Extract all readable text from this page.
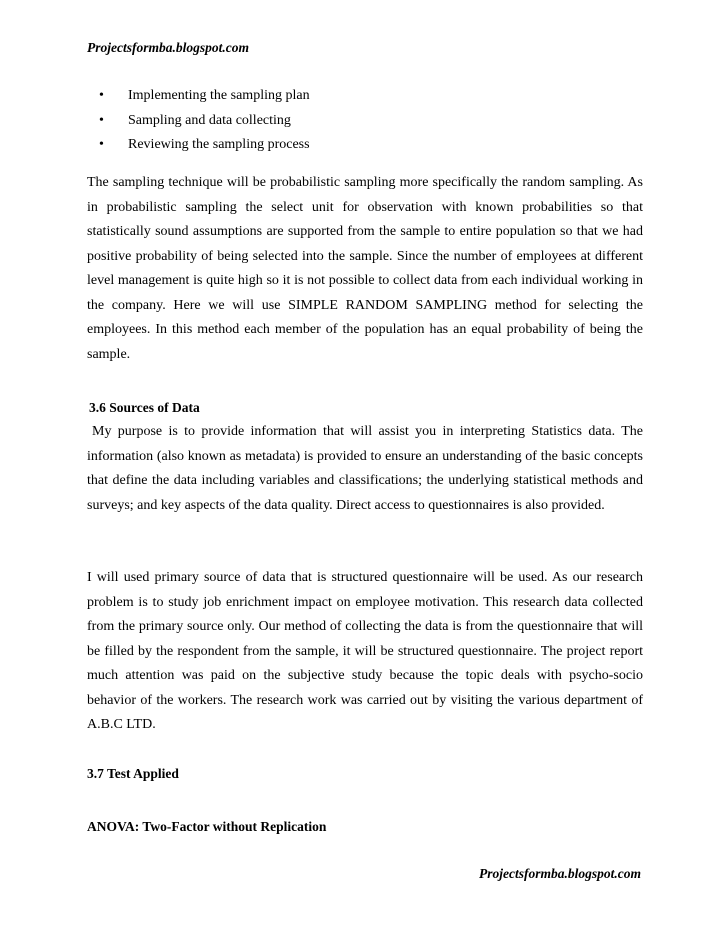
Projectsformba.blogspot.com
• Implementing the sampling plan
• Sampling and data collecting
• Reviewing the sampling process

The sampling technique will be probabilistic sampling more specifically the random sampling. As in probabilistic sampling the select unit for observation with known probabilities so that statistically sound assumptions are supported from the sample to entire population so that we had positive probability of being selected into the sample. Since the number of employees at different level management is quite high so it is not possible to collect data from each individual working in the company. Here we will use SIMPLE RANDOM SAMPLING method for selecting the employees. In this method each member of the population has an equal probability of being the sample.

3.6 Sources of Data

My purpose is to provide information that will assist you in interpreting Statistics data. The information (also known as metadata) is provided to ensure an understanding of the basic concepts that define the data including variables and classifications; the underlying statistical methods and surveys; and key aspects of the data quality. Direct access to questionnaires is also provided.

I will used primary source of data that is structured questionnaire will be used. As our research problem is to study job enrichment impact on employee motivation. This research data collected from the primary source only. Our method of collecting the data is from the questionnaire that will be filled by the respondent from the sample, it will be structured questionnaire. The project report much attention was paid on the subjective study because the topic deals with psycho-socio behavior of the workers. The research work was carried out by visiting the various department of A.B.C LTD.

3.7 Test Applied

ANOVA: Two-Factor without Replication

Projectsformba.blogspot.com
